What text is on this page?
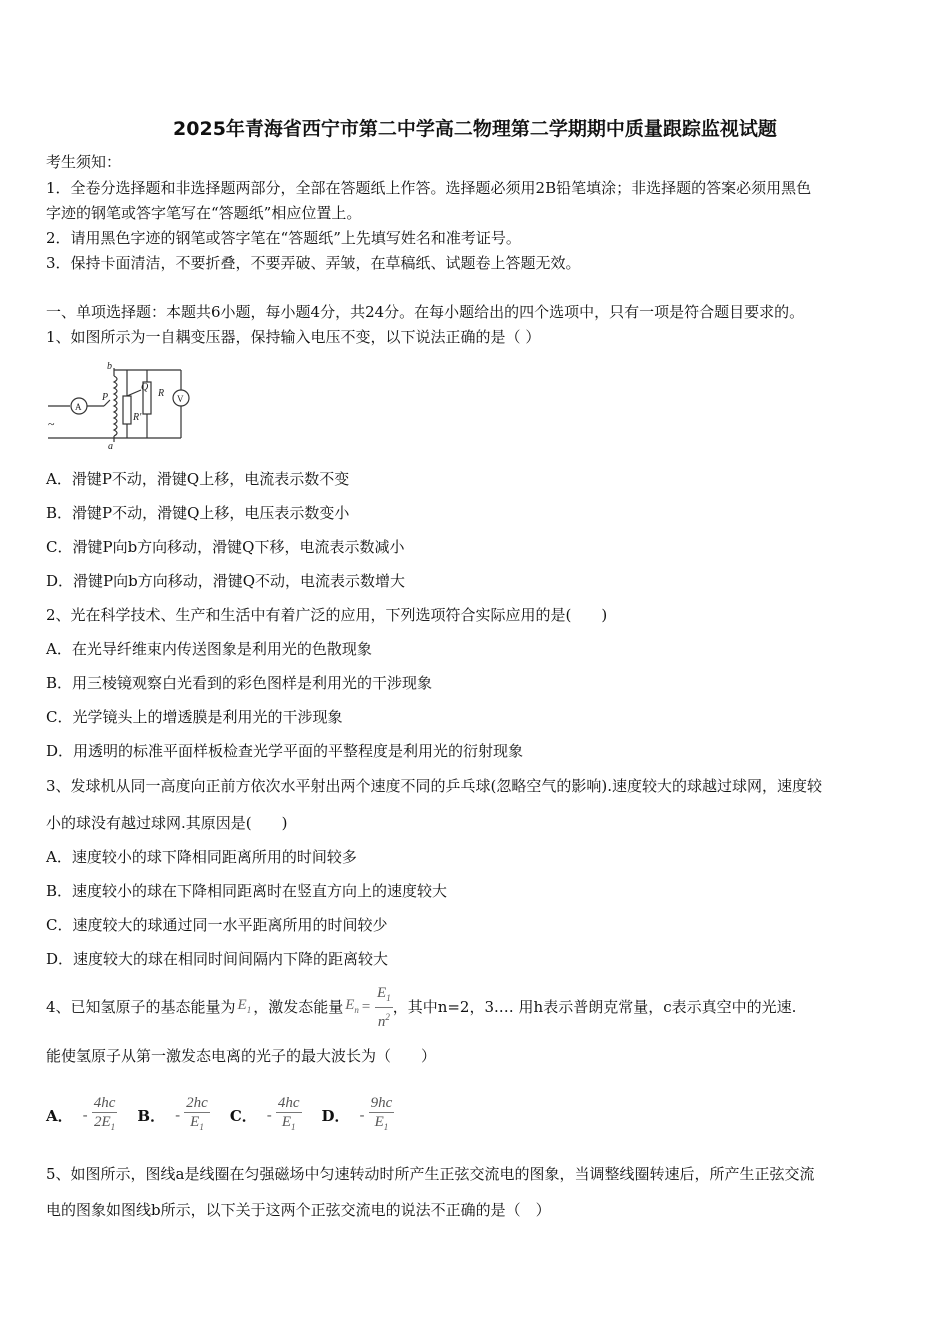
2025年青海省西宁市第二中学高二物理第二学期期中质量跟踪监视试题
考生须知：
1．全卷分选择题和非选择题两部分，全部在答题纸上作答。选择题必须用2B铅笔填涂；非选择题的答案必须用黑色
字迹的钢笔或答字笔写在“答题纸”相应位置上。
2．请用黑色字迹的钢笔或答字笔在“答题纸”上先填写姓名和准考证号。
3．保持卡面清洁，不要折叠，不要弄破、弄皱，在草稿纸、试题卷上答题无效。
一、单项选择题：本题共6小题，每小题4分，共24分。在每小题给出的四个选项中，只有一项是符合题目要求的。
1、如图所示为一自耦变压器，保持输入电压不变，以下说法正确的是（ ）
b
a
P
Q
R
R'
A
V
~
A．滑键P不动，滑键Q上移，电流表示数不变
B．滑键P不动，滑键Q上移，电压表示数变小
C．滑键P向b方向移动，滑键Q下移，电流表示数减小
D．滑键P向b方向移动，滑键Q不动，电流表示数增大
2、光在科学技术、生产和生活中有着广泛的应用，下列选项符合实际应用的是(　　)
A．在光导纤维束内传送图象是利用光的色散现象
B．用三棱镜观察白光看到的彩色图样是利用光的干涉现象
C．光学镜头上的增透膜是利用光的干涉现象
D．用透明的标准平面样板检查光学平面的平整程度是利用光的衍射现象
3、发球机从同一高度向正前方依次水平射出两个速度不同的乒乓球(忽略空气的影响).速度较大的球越过球网，速度较
小的球没有越过球网.其原因是(　　)
A．速度较小的球下降相同距离所用的时间较多
B．速度较小的球在下降相同距离时在竖直方向上的速度较大
C．速度较大的球通过同一水平距离所用的时间较少
D．速度较大的球在相同时间间隔内下降的距离较大
4、已知氢原子的基态能量为 $E_1$ ，激发态能量 $E_n = \frac{E_1}{n^2}$ ，其中n=2，3.… 用h表示普朗克常量，c表示真空中的光速.
能使氢原子从第一激发态电离的光子的最大波长为（　　）
A． - $\frac{4hc}{2E_1}$ B． - $\frac{2hc}{E_1}$ C． - $\frac{4hc}{E_1}$ D． - $\frac{9hc}{E_1}$
5、如图所示，图线a是线圈在匀强磁场中匀速转动时所产生正弦交流电的图象，当调整线圈转速后，所产生正弦交流
电的图象如图线b所示，以下关于这两个正弦交流电的说法不正确的是（　）
